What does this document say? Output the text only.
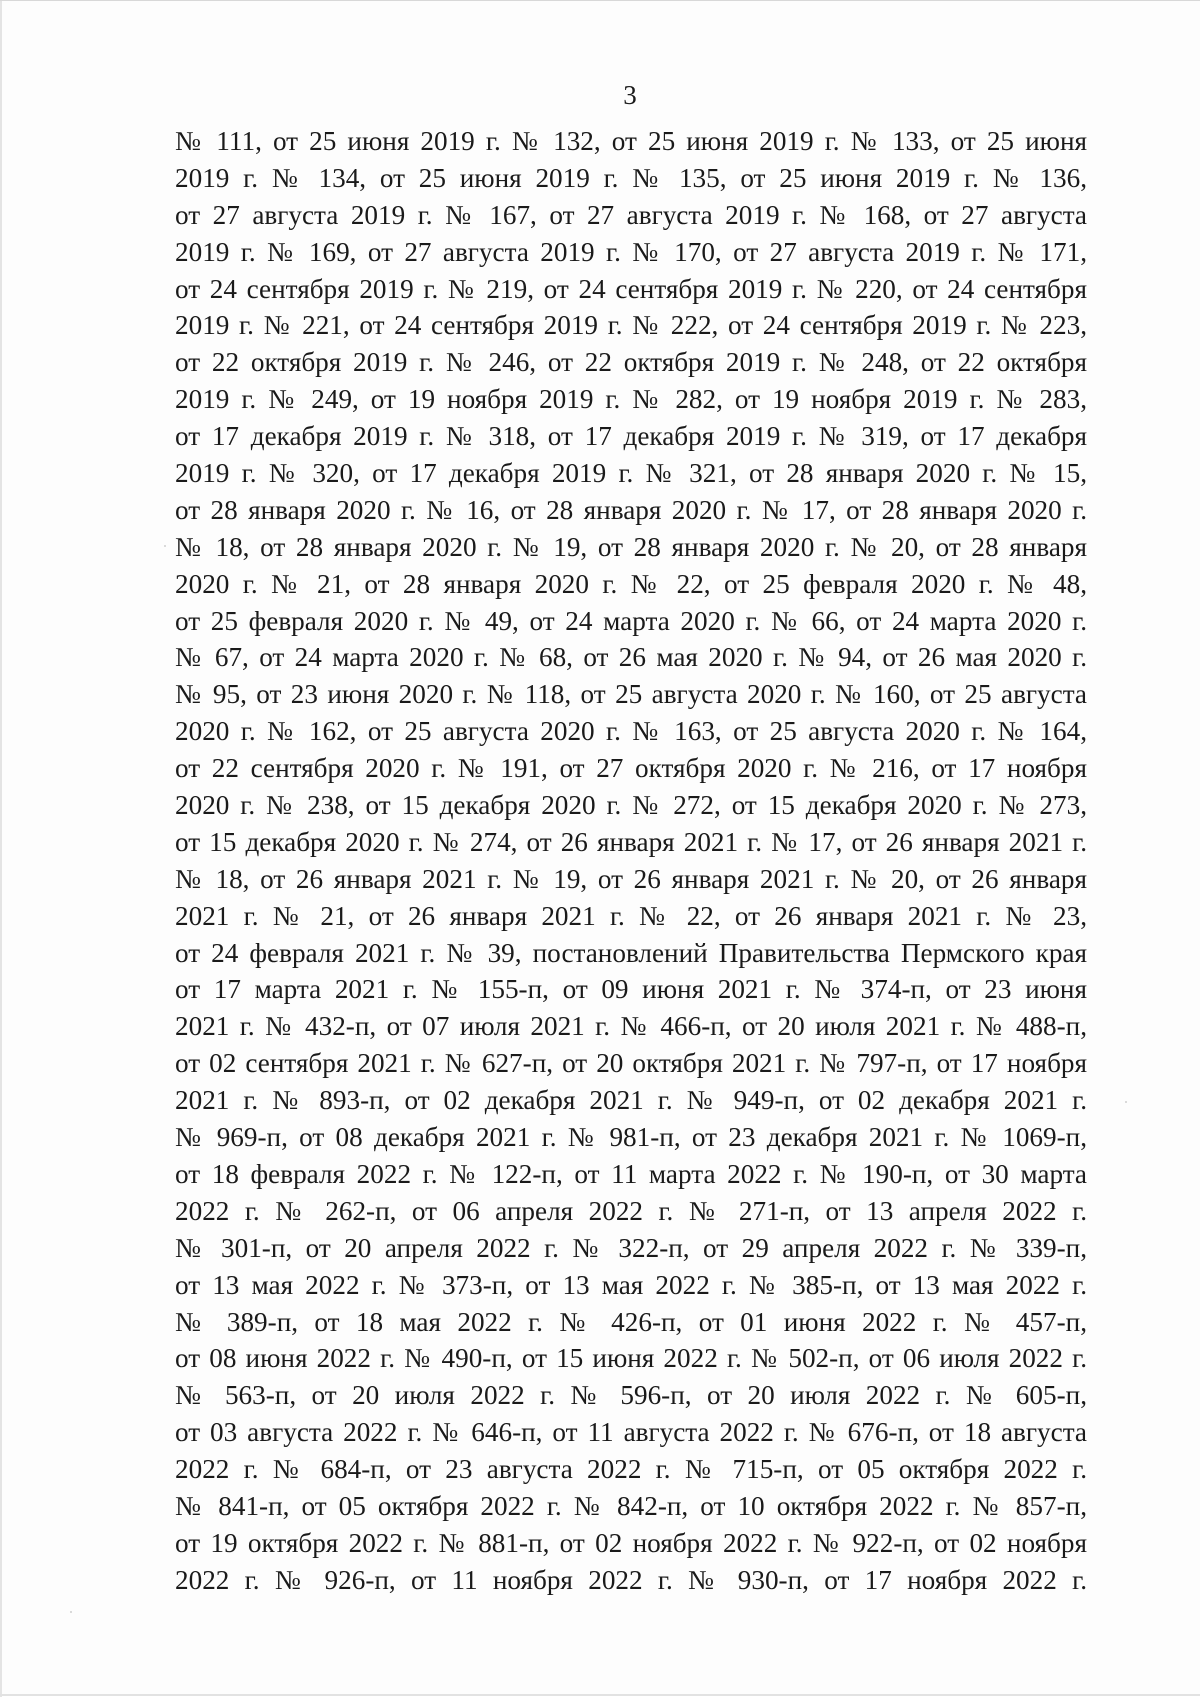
3
№ 111, от 25 июня 2019 г. № 132, от 25 июня 2019 г. № 133, от 25 июня
2019 г. № 134, от 25 июня 2019 г. № 135, от 25 июня 2019 г. № 136,
от 27 августа 2019 г. № 167, от 27 августа 2019 г. № 168, от 27 августа
2019 г. № 169, от 27 августа 2019 г. № 170, от 27 августа 2019 г. № 171,
от 24 сентября 2019 г. № 219, от 24 сентября 2019 г. № 220, от 24 сентября
2019 г. № 221, от 24 сентября 2019 г. № 222, от 24 сентября 2019 г. № 223,
от 22 октября 2019 г. № 246, от 22 октября 2019 г. № 248, от 22 октября
2019 г. № 249, от 19 ноября 2019 г. № 282, от 19 ноября 2019 г. № 283,
от 17 декабря 2019 г. № 318, от 17 декабря 2019 г. № 319, от 17 декабря
2019 г. № 320, от 17 декабря 2019 г. № 321, от 28 января 2020 г. № 15,
от 28 января 2020 г. № 16, от 28 января 2020 г. № 17, от 28 января 2020 г.
№ 18, от 28 января 2020 г. № 19, от 28 января 2020 г. № 20, от 28 января
2020 г. № 21, от 28 января 2020 г. № 22, от 25 февраля 2020 г. № 48,
от 25 февраля 2020 г. № 49, от 24 марта 2020 г. № 66, от 24 марта 2020 г.
№ 67, от 24 марта 2020 г. № 68, от 26 мая 2020 г. № 94, от 26 мая 2020 г.
№ 95, от 23 июня 2020 г. № 118, от 25 августа 2020 г. № 160, от 25 августа
2020 г. № 162, от 25 августа 2020 г. № 163, от 25 августа 2020 г. № 164,
от 22 сентября 2020 г. № 191, от 27 октября 2020 г. № 216, от 17 ноября
2020 г. № 238, от 15 декабря 2020 г. № 272, от 15 декабря 2020 г. № 273,
от 15 декабря 2020 г. № 274, от 26 января 2021 г. № 17, от 26 января 2021 г.
№ 18, от 26 января 2021 г. № 19, от 26 января 2021 г. № 20, от 26 января
2021 г. № 21, от 26 января 2021 г. № 22, от 26 января 2021 г. № 23,
от 24 февраля 2021 г. № 39, постановлений Правительства Пермского края
от 17 марта 2021 г. № 155-п, от 09 июня 2021 г. № 374-п, от 23 июня
2021 г. № 432-п, от 07 июля 2021 г. № 466-п, от 20 июля 2021 г. № 488-п,
от 02 сентября 2021 г. № 627-п, от 20 октября 2021 г. № 797-п, от 17 ноября
2021 г. № 893-п, от 02 декабря 2021 г. № 949-п, от 02 декабря 2021 г.
№ 969-п, от 08 декабря 2021 г. № 981-п, от 23 декабря 2021 г. № 1069-п,
от 18 февраля 2022 г. № 122-п, от 11 марта 2022 г. № 190-п, от 30 марта
2022 г. № 262-п, от 06 апреля 2022 г. № 271-п, от 13 апреля 2022 г.
№ 301-п, от 20 апреля 2022 г. № 322-п, от 29 апреля 2022 г. № 339-п,
от 13 мая 2022 г. № 373-п, от 13 мая 2022 г. № 385-п, от 13 мая 2022 г.
№ 389-п, от 18 мая 2022 г. № 426-п, от 01 июня 2022 г. № 457-п,
от 08 июня 2022 г. № 490-п, от 15 июня 2022 г. № 502-п, от 06 июля 2022 г.
№ 563-п, от 20 июля 2022 г. № 596-п, от 20 июля 2022 г. № 605-п,
от 03 августа 2022 г. № 646-п, от 11 августа 2022 г. № 676-п, от 18 августа
2022 г. № 684-п, от 23 августа 2022 г. № 715-п, от 05 октября 2022 г.
№ 841-п, от 05 октября 2022 г. № 842-п, от 10 октября 2022 г. № 857-п,
от 19 октября 2022 г. № 881-п, от 02 ноября 2022 г. № 922-п, от 02 ноября
2022 г. № 926-п, от 11 ноября 2022 г. № 930-п, от 17 ноября 2022 г.
